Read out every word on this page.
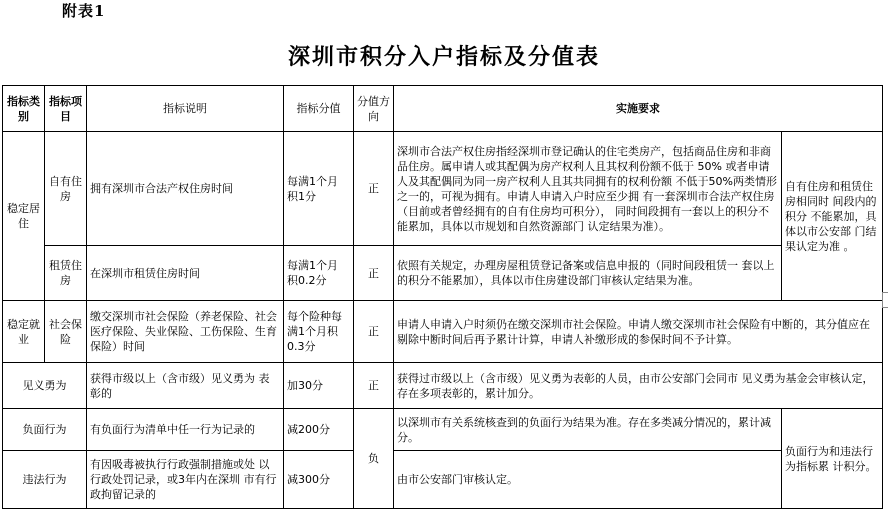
附表1
深圳市积分入户指标及分值表
指标类别	指标项目	指标说明	指标分值	分值方向	实施要求	
稳定居住	自有住房	拥有深圳市合法产权住房时间	每满1个月 积1分	正	深圳市合法产权住房指经深圳市登记确认的住宅类房产，包括商品住房和非商品住房。属申请人或其配偶为房产权利人且其权利份额不低于 50% 或者申请人及其配偶同为同一房产权利人且其共同拥有的权利份额 不低于50%两类情形之一的，可视为拥有。申请人申请入户时应至少拥 有一套深圳市合法产权住房（目前或者曾经拥有的自有住房均可积分）， 同时间段拥有一套以上的积分不能累加，具体以市规划和自然资源部门 认定结果为准）。	自有住房和租赁住房相同时 间段内的积分 不能累加，具 体以市公安部 门结果认定为准 。
	租赁住房	在深圳市租赁住房时间	每满1个月 积0.2分	正	依照有关规定，办理房屋租赁登记备案或信息申报的（同时间段租赁一 套以上的积分不能累加），具体以市住房建设部门审核认定结果为准。	
稳定就业	社会保险	缴交深圳市社会保险（养老保险、社会医疗保险、失业保险、工伤保险、生育保险）时间	每个险种每满1个月积0.3分	正	申请人申请入户时须仍在缴交深圳市社会保险。申请人缴交深圳市社会保险有中断的，其分值应在剔除中断时间后再予累计计算，申请人补缴形成的参保时间不予计算。	
见义勇为		获得市级以上（含市级）见义勇为 表彰的	加30分	正	获得过市级以上（含市级）见义勇为表彰的人员，由市公安部门会同市 见义勇为基金会审核认定，存在多项表彰的，累计加分。	
负面行为		有负面行为清单中任一行为记录的	减200分	负	以深圳市有关系统核查到的负面行为结果为准。存在多类减分情况的，累计减分。	负面行为和违法行为指标累 计积分。
违法行为		有因吸毒被执行行政强制措施或处 以行政处罚记录，或3年内在深圳 市有行政拘留记录的	减300分		由市公安部门审核认定。	
